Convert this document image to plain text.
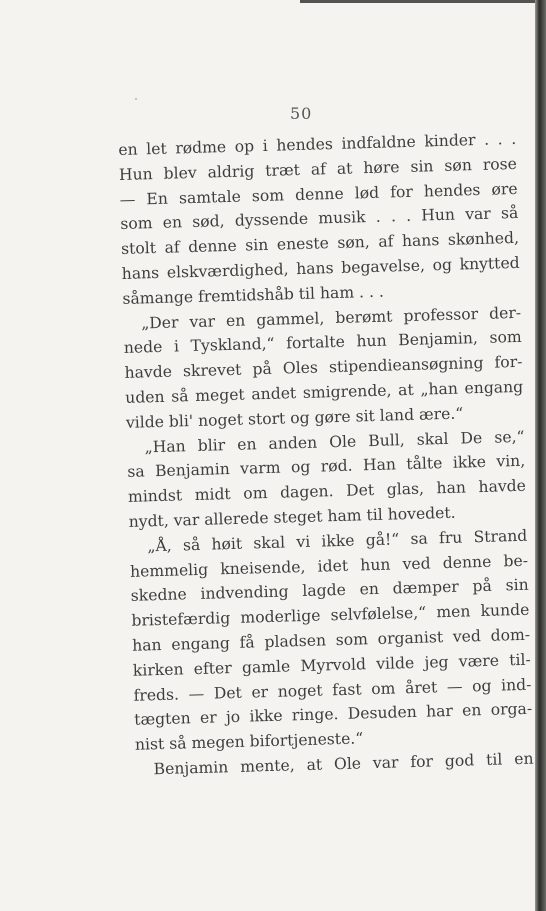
50
en let rødme op i hendes indfaldne kinder . . .
Hun blev aldrig træt af at høre sin søn rose
— En samtale som denne lød for hendes øre
som en sød, dyssende musik . . . Hun var så
stolt af denne sin eneste søn, af hans skønhed,
hans elskværdighed, hans begavelse, og knytted
såmange fremtidshåb til ham . . .
„Der var en gammel, berømt professor der-
nede i Tyskland,“ fortalte hun Benjamin, som
havde skrevet på Oles stipendieansøgning for-
uden så meget andet smigrende, at „han engang
vilde bli' noget stort og gøre sit land ære.“
„Han blir en anden Ole Bull, skal De se,“
sa Benjamin varm og rød. Han tålte ikke vin,
mindst midt om dagen. Det glas, han havde
nydt, var allerede steget ham til hovedet.
„Å, så høit skal vi ikke gå!“ sa fru Strand
hemmelig kneisende, idet hun ved denne be-
skedne indvending lagde en dæmper på sin
bristefærdig moderlige selvfølelse,“ men kunde
han engang få pladsen som organist ved dom-
kirken efter gamle Myrvold vilde jeg være til-
freds. — Det er noget fast om året — og ind-
tægten er jo ikke ringe. Desuden har en orga-
nist så megen bifortjeneste.“
Benjamin mente, at Ole var for god til en
